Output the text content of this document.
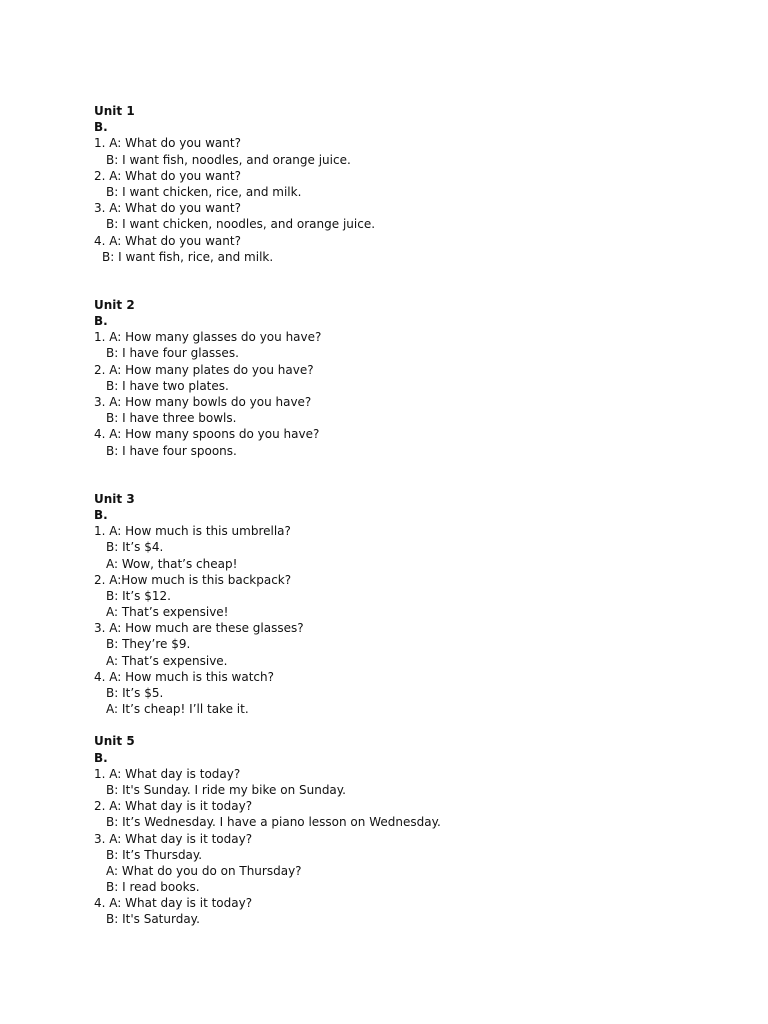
Unit 1
B.
1. A: What do you want?
B: I want fish, noodles, and orange juice.
2. A: What do you want?
B: I want chicken, rice, and milk.
3. A: What do you want?
B: I want chicken, noodles, and orange juice.
4. A: What do you want?
B: I want fish, rice, and milk.
Unit 2
B.
1. A: How many glasses do you have?
B: I have four glasses.
2. A: How many plates do you have?
B: I have two plates.
3. A: How many bowls do you have?
B: I have three bowls.
4. A: How many spoons do you have?
B: I have four spoons.
Unit 3
B.
1. A: How much is this umbrella?
B: It’s $4.
A: Wow, that’s cheap!
2. A:How much is this backpack?
B: It’s $12.
A: That’s expensive!
3. A: How much are these glasses?
B: They’re $9.
A: That’s expensive.
4. A: How much is this watch?
B: It’s $5.
A: It’s cheap! I’ll take it.
Unit 5
B.
1. A: What day is today?
B: It's Sunday. I ride my bike on Sunday.
2. A: What day is it today?
B: It’s Wednesday. I have a piano lesson on Wednesday.
3. A: What day is it today?
B: It’s Thursday.
A: What do you do on Thursday?
B: I read books.
4. A: What day is it today?
B: It's Saturday.
